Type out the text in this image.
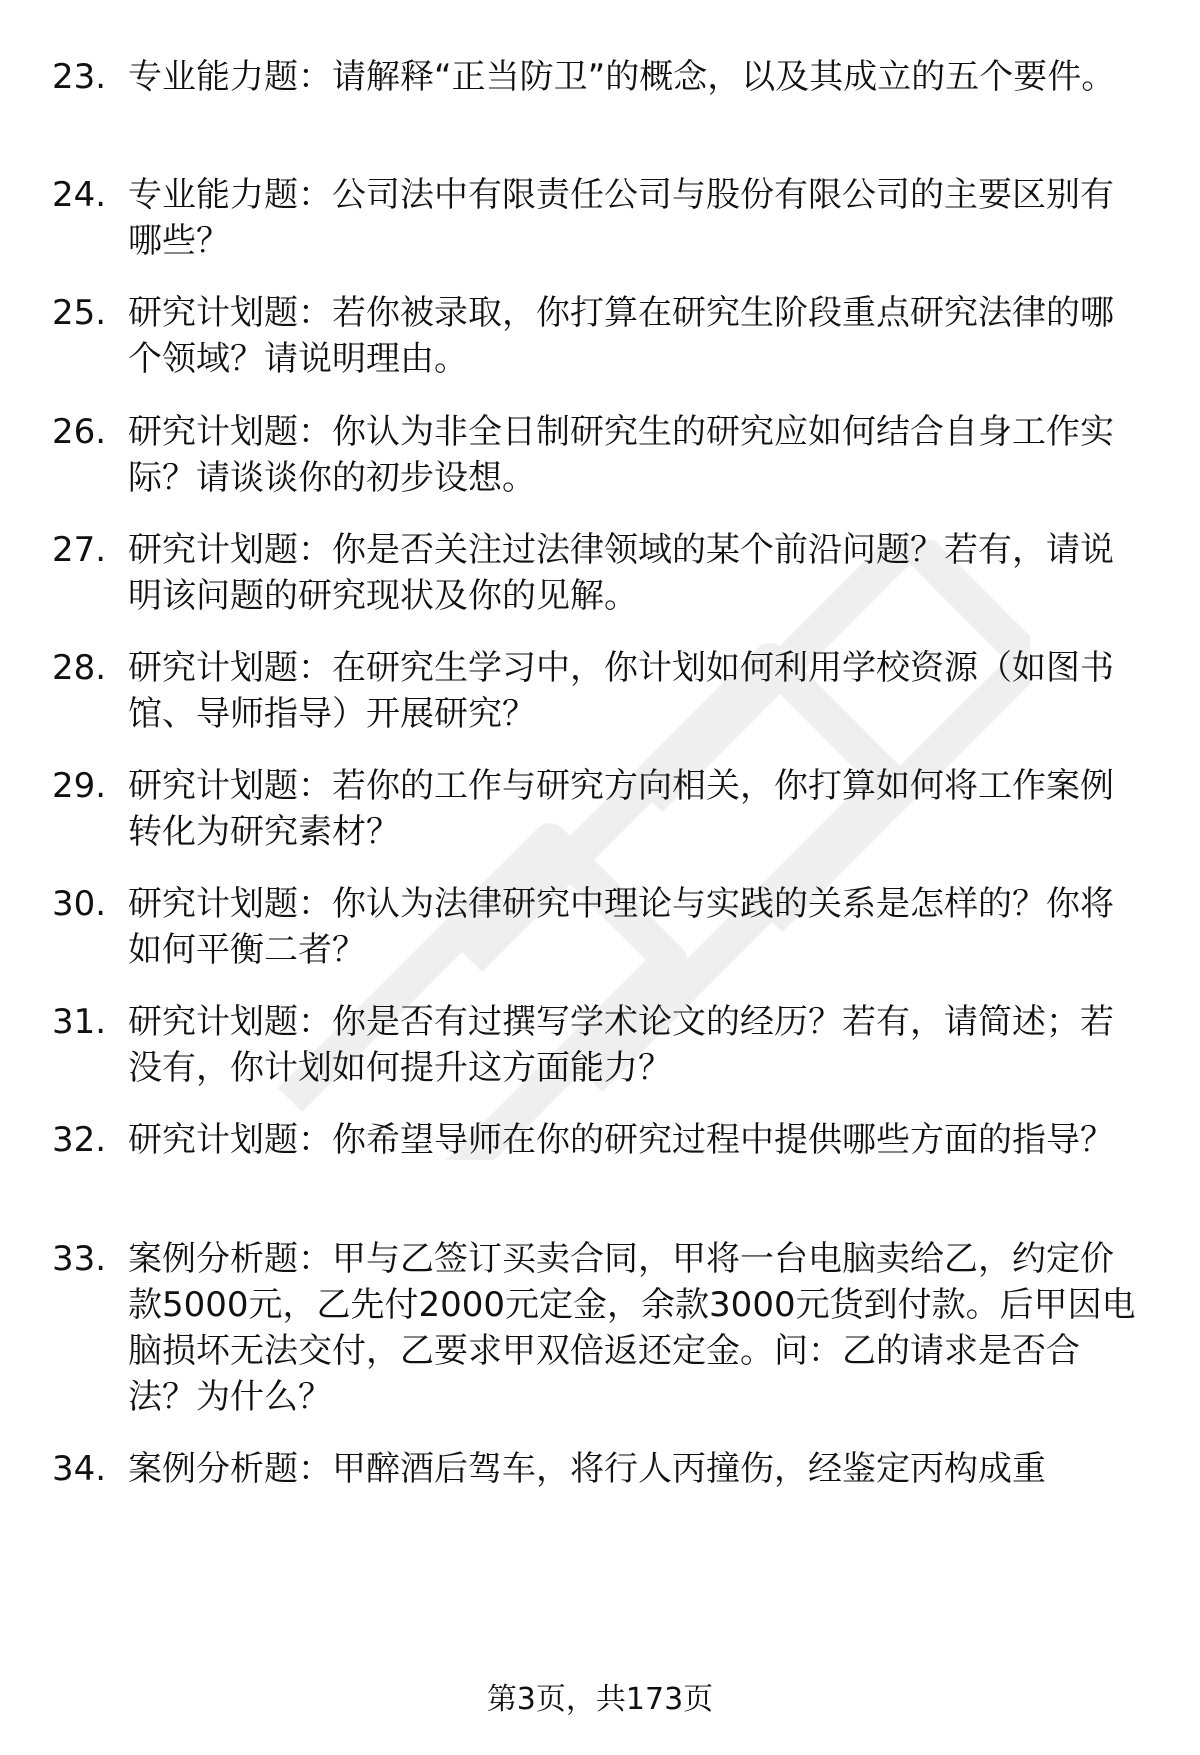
23. 专业能力题：请解释“正当防卫”的概念，以及其成立的五个要件。
24. 专业能力题：公司法中有限责任公司与股份有限公司的主要区别有哪些？
25. 研究计划题：若你被录取，你打算在研究生阶段重点研究法律的哪个领域？请说明理由。
26. 研究计划题：你认为非全日制研究生的研究应如何结合自身工作实际？请谈谈你的初步设想。
27. 研究计划题：你是否关注过法律领域的某个前沿问题？若有，请说明该问题的研究现状及你的见解。
28. 研究计划题：在研究生学习中，你计划如何利用学校资源（如图书馆、导师指导）开展研究？
29. 研究计划题：若你的工作与研究方向相关，你打算如何将工作案例转化为研究素材？
30. 研究计划题：你认为法律研究中理论与实践的关系是怎样的？你将如何平衡二者？
31. 研究计划题：你是否有过撰写学术论文的经历？若有，请简述；若没有，你计划如何提升这方面能力？
32. 研究计划题：你希望导师在你的研究过程中提供哪些方面的指导？
33. 案例分析题：甲与乙签订买卖合同，甲将一台电脑卖给乙，约定价款5000元，乙先付2000元定金，余款3000元货到付款。后甲因电脑损坏无法交付，乙要求甲双倍返还定金。问：乙的请求是否合法？为什么？
34. 案例分析题：甲醉酒后驾车，将行人丙撞伤，经鉴定丙构成重
第3页，共173页
